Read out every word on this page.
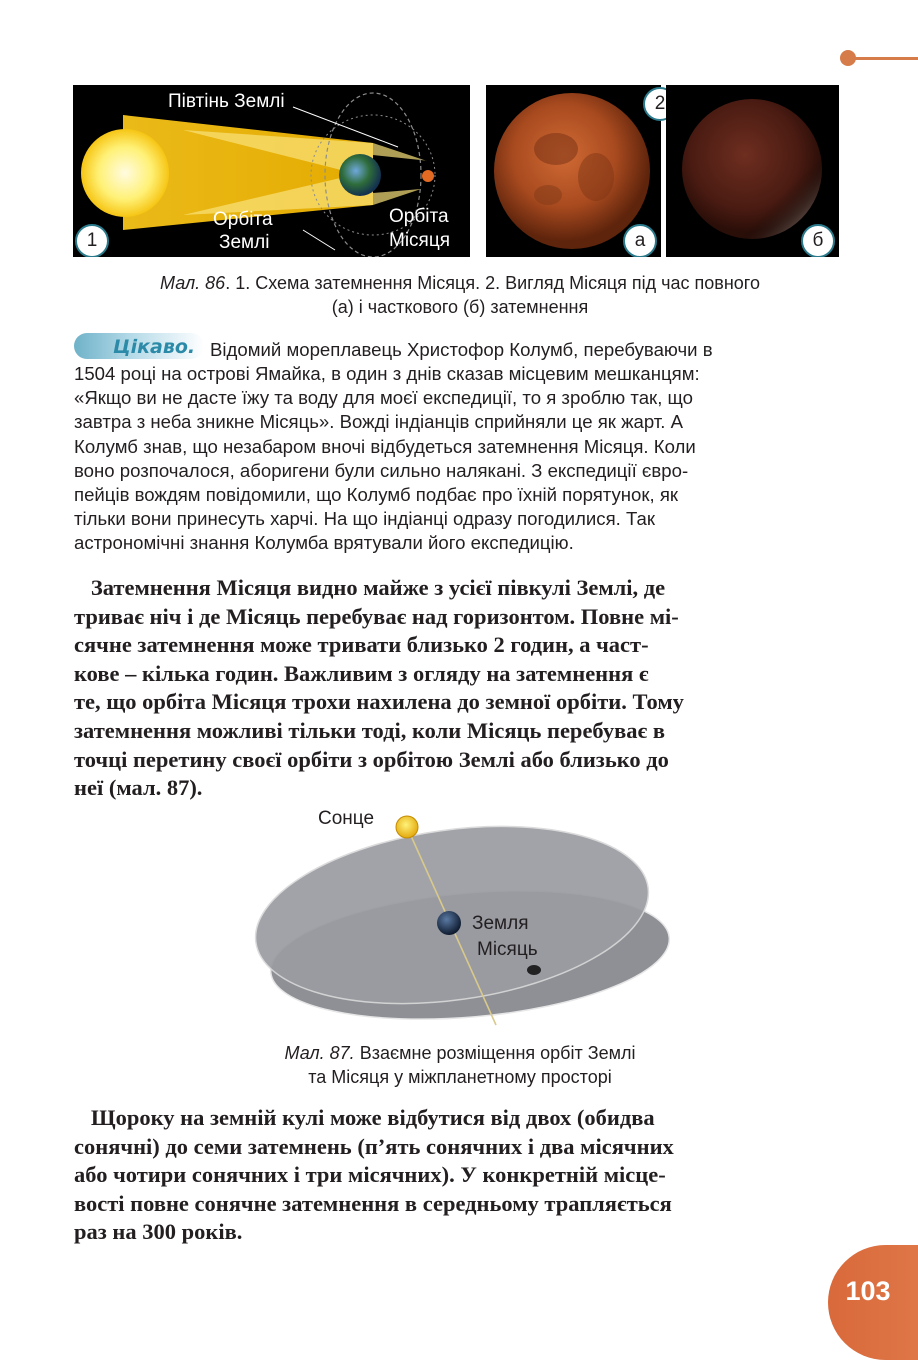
Півтінь Землі
Орбіта
Землі
Орбіта
Місяця
1	а
2
б
Мал. 86. 1. Схема затемнення Місяця. 2. Вигляд Місяця під час повного
(а) і часткового (б) затемнення
Цікаво. Відомий мореплавець Христофор Колумб, перебуваючи в
1504 році на острові Ямайка, в один з днів сказав місцевим мешканцям:
«Якщо ви не дасте їжу та воду для моєї експедиції, то я зроблю так, що
завтра з неба зникне Місяць». Вожді індіанців сприйняли це як жарт. А
Колумб знав, що незабаром вночі відбудеться затемнення Місяця. Коли
воно розпочалося, аборигени були сильно налякані. З експедиції євро-
пейців вождям повідомили, що Колумб подбає про їхній порятунок, як
тільки вони принесуть харчі. На що індіанці одразу погодилися. Так
астрономічні знання Колумба врятували його експедицію.
Затемнення Місяця видно майже з усієї півкулі Землі, де
триває ніч і де Місяць перебуває над горизонтом. Повне мі-
сячне затемнення може тривати близько 2 годин, а част-
кове – кілька годин. Важливим з огляду на затемнення є
те, що орбіта Місяця трохи нахилена до земної орбіти. Тому
затемнення можливі тільки тоді, коли Місяць перебуває в
точці перетину своєї орбіти з орбітою Землі або близько до
неї (мал. 87).
Сонце
Земля
Місяць
Мал. 87. Взаємне розміщення орбіт Землі
та Місяця у міжпланетному просторі
Щороку на земній кулі може відбутися від двох (обидва
сонячні) до семи затемнень (п’ять сонячних і два місячних
або чотири сонячних і три місячних). У конкретній місце-
вості повне сонячне затемнення в середньому трапляється
раз на 300 років.
103
